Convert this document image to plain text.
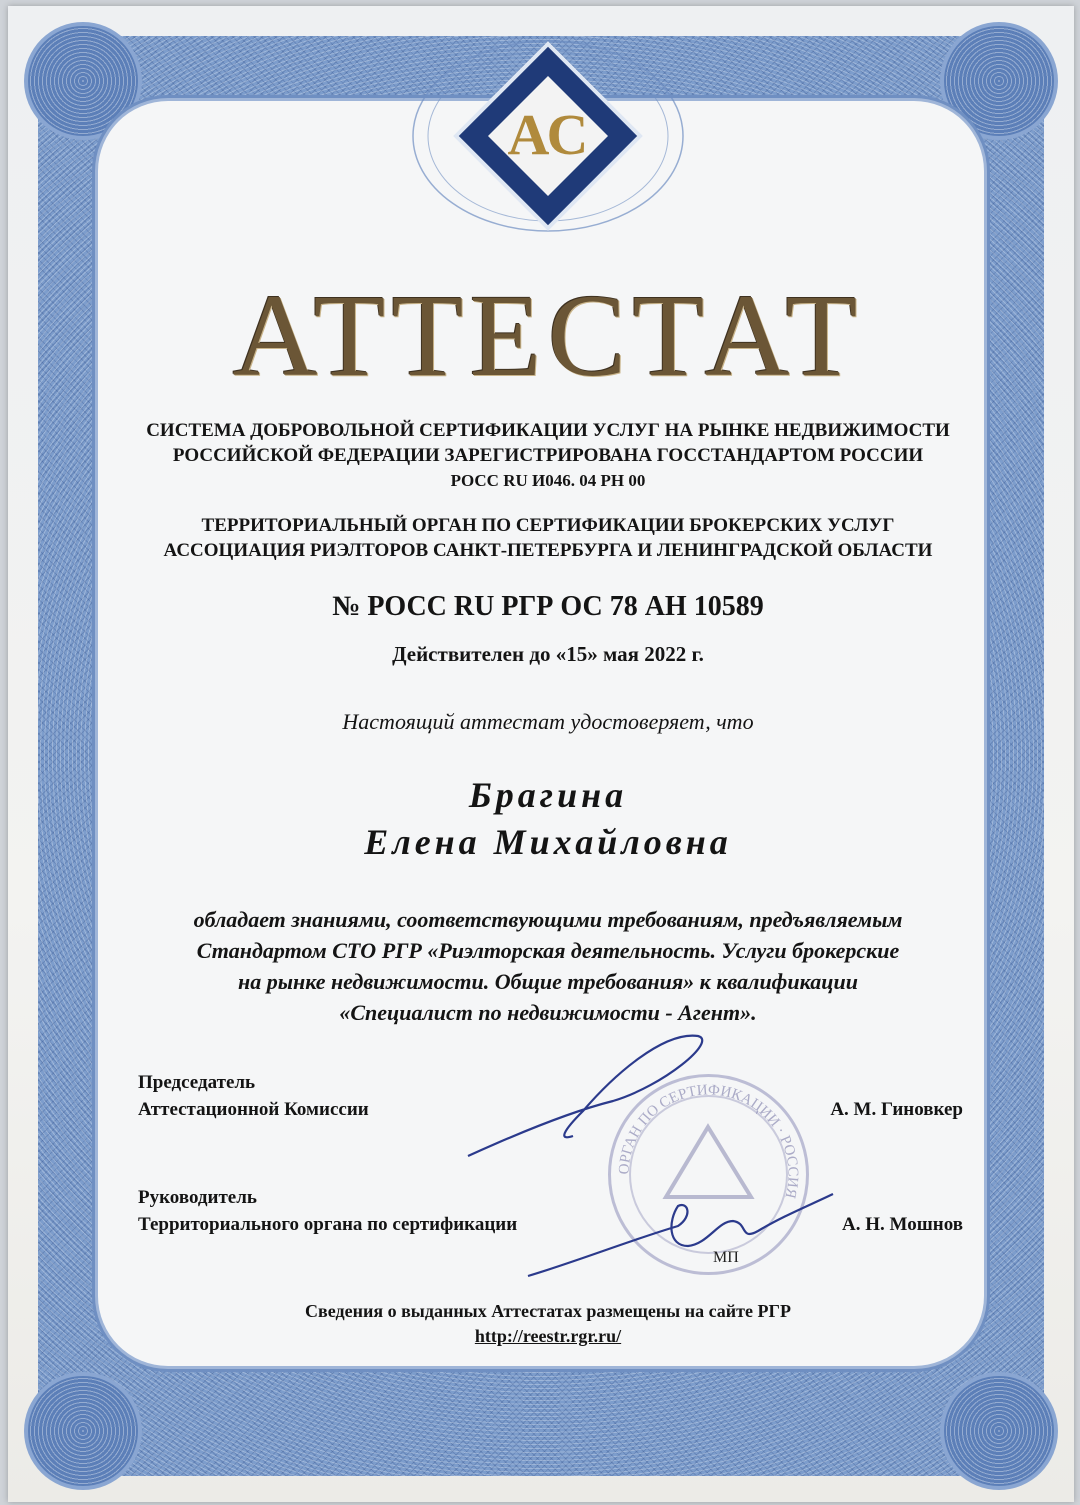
АС
АТТЕСТАТ
СИСТЕМА ДОБРОВОЛЬНОЙ СЕРТИФИКАЦИИ УСЛУГ НА РЫНКЕ НЕДВИЖИМОСТИ
РОССИЙСКОЙ ФЕДЕРАЦИИ ЗАРЕГИСТРИРОВАНА ГОССТАНДАРТОМ РОССИИ
РОСС RU И046. 04 РН 00
ТЕРРИТОРИАЛЬНЫЙ ОРГАН ПО СЕРТИФИКАЦИИ БРОКЕРСКИХ УСЛУГ
АССОЦИАЦИЯ РИЭЛТОРОВ САНКТ-ПЕТЕРБУРГА И ЛЕНИНГРАДСКОЙ ОБЛАСТИ
№ РОСС RU РГР ОС 78 АН 10589
Действителен до «15» мая 2022 г.
Настоящий аттестат удостоверяет, что
Брагина
Елена Михайловна
обладает знаниями, соответствующими требованиям, предъявляемым
Стандартом СТО РГР «Риэлторская деятельность. Услуги брокерские
на рынке недвижимости. Общие требования» к квалификации
«Специалист по недвижимости - Агент».
ОРГАН ПО СЕРТИФИКАЦИИ · РОССИЯ
Председатель
Аттестационной Комиссии	А. М. Гиновкер
Руководитель
Территориального органа по сертификации	А. Н. Мошнов
МП
Сведения о выданных Аттестатах размещены на сайте РГР
http://reestr.rgr.ru/
